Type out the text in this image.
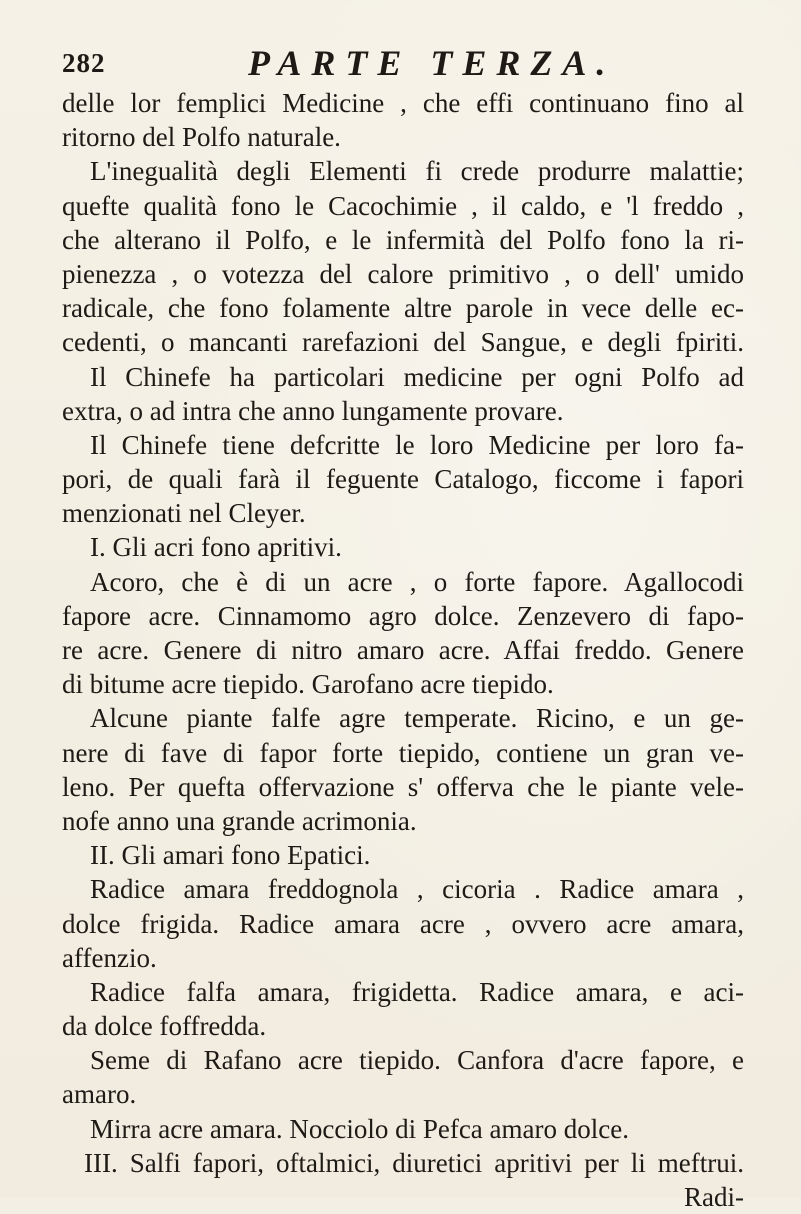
282	PARTE TERZA.
delle lor femplici Medicine , che effi continuano fino al
ritorno del Polfo naturale.
L'inegualità degli Elementi fi crede produrre malattie;
quefte qualità fono le Cacochimie , il caldo, e 'l freddo ,
che alterano il Polfo, e le infermità del Polfo fono la ri-
pienezza , o votezza del calore primitivo , o dell' umido
radicale, che fono folamente altre parole in vece delle ec-
cedenti, o mancanti rarefazioni del Sangue, e degli fpiriti.
Il Chinefe ha particolari medicine per ogni Polfo ad
extra, o ad intra che anno lungamente provare.
Il Chinefe tiene defcritte le loro Medicine per loro fa-
pori, de quali farà il feguente Catalogo, ficcome i fapori
menzionati nel Cleyer.
I. Gli acri fono apritivi.
Acoro, che è di un acre , o forte fapore. Agallocodi
fapore acre. Cinnamomo agro dolce. Zenzevero di fapo-
re acre. Genere di nitro amaro acre. Affai freddo. Genere
di bitume acre tiepido. Garofano acre tiepido.
Alcune piante falfe agre temperate. Ricino, e un ge-
nere di fave di fapor forte tiepido, contiene un gran ve-
leno. Per quefta offervazione s' offerva che le piante vele-
nofe anno una grande acrimonia.
II. Gli amari fono Epatici.
Radice amara freddognola , cicoria . Radice amara ,
dolce frigida. Radice amara acre , ovvero acre amara,
affenzio.
Radice falfa amara, frigidetta. Radice amara, e aci-
da dolce foffredda.
Seme di Rafano acre tiepido. Canfora d'acre fapore, e
amaro.
Mirra acre amara. Nocciolo di Pefca amaro dolce.
III. Salfi fapori, oftalmici, diuretici apritivi per li meftrui.
Radi-
